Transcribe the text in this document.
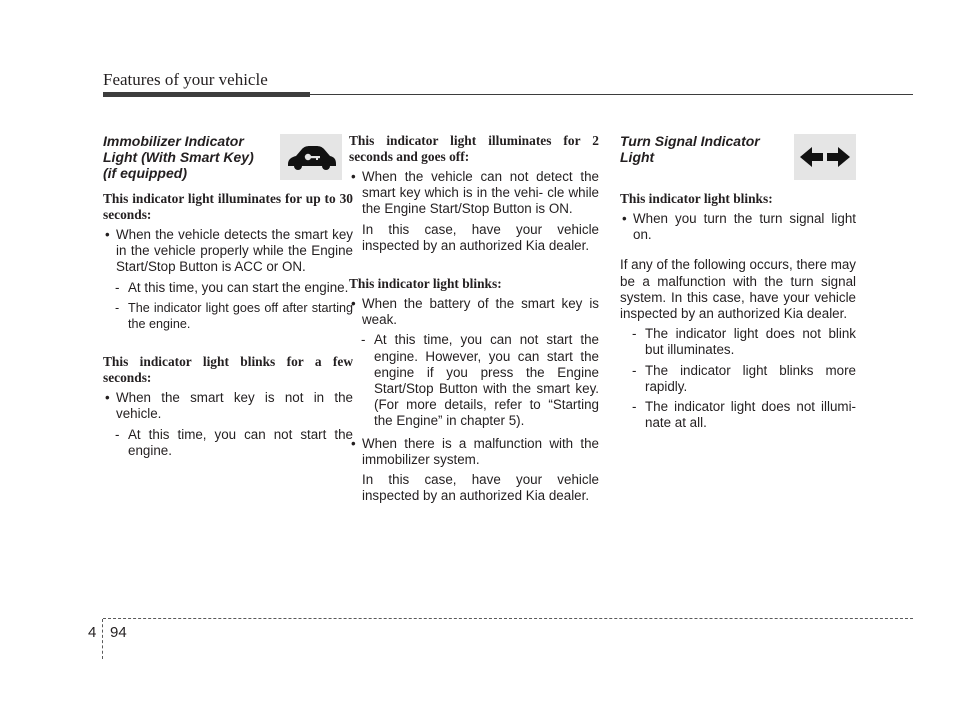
Features of your vehicle
Immobilizer Indicator
Light (With Smart Key)
(if equipped)

This indicator light illuminates for up to 30 seconds:

• When the vehicle detects the smart key in the vehicle properly while the Engine Start/Stop Button is ACC or ON.

- At this time, you can start the engine.

- The indicator light goes off after starting the engine.

This indicator light blinks for a few seconds:

• When the smart key is not in the vehicle.

- At this time, you can not start the engine.

This indicator light illuminates for 2 seconds and goes off:

• When the vehicle can not detect the smart key which is in the vehi- cle while the Engine Start/Stop Button is ON.

In this case, have your vehicle inspected by an authorized Kia dealer.

This indicator light blinks:

• When the battery of the smart key is weak.

- At this time, you can not start the engine. However, you can start the engine if you press the Engine Start/Stop Button with the smart key. (For more details, refer to “Starting the Engine” in chapter 5).

• When there is a malfunction with the immobilizer system.

In this case, have your vehicle inspected by an authorized Kia dealer.

Turn Signal Indicator
Light

This indicator light blinks:

• When you turn the turn signal light on.

If any of the following occurs, there may be a malfunction with the turn signal system. In this case, have your vehicle inspected by an authorized Kia dealer.

- The indicator light does not blink but illuminates.

- The indicator light blinks more rapidly.

- The indicator light does not illumi- nate at all.

4 94
